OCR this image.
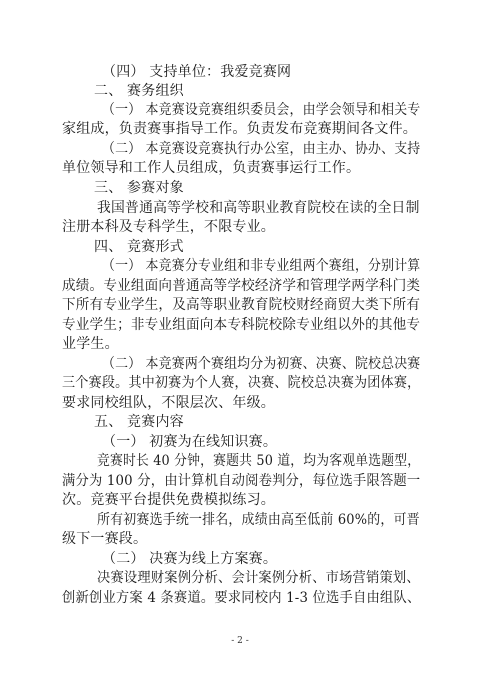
（四） 支持单位：我爱竞赛网
二、 赛务组织
（一） 本竞赛设竞赛组织委员会，由学会领导和相关专
家组成，负责赛事指导工作。负责发布竞赛期间各文件。
（二） 本竞赛设竞赛执行办公室，由主办、协办、支持
单位领导和工作人员组成，负责赛事运行工作。
三、 参赛对象
我国普通高等学校和高等职业教育院校在读的全日制
注册本科及专科学生，不限专业。
四、 竞赛形式
（一） 本竞赛分专业组和非专业组两个赛组，分别计算
成绩。专业组面向普通高等学校经济学和管理学两学科门类
下所有专业学生，及高等职业教育院校财经商贸大类下所有
专业学生；非专业组面向本专科院校除专业组以外的其他专
业学生。
（二） 本竞赛两个赛组均分为初赛、决赛、院校总决赛
三个赛段。其中初赛为个人赛，决赛、院校总决赛为团体赛，
要求同校组队，不限层次、年级。
五、 竞赛内容
（一） 初赛为在线知识赛。
竞赛时长 40 分钟，赛题共 50 道，均为客观单选题型，
满分为 100 分，由计算机自动阅卷判分，每位选手限答题一
次。竞赛平台提供免费模拟练习。
所有初赛选手统一排名，成绩由高至低前 60%的，可晋
级下一赛段。
（二） 决赛为线上方案赛。
决赛设理财案例分析、会计案例分析、市场营销策划、
创新创业方案 4 条赛道。要求同校内 1-3 位选手自由组队、
- 2 -
